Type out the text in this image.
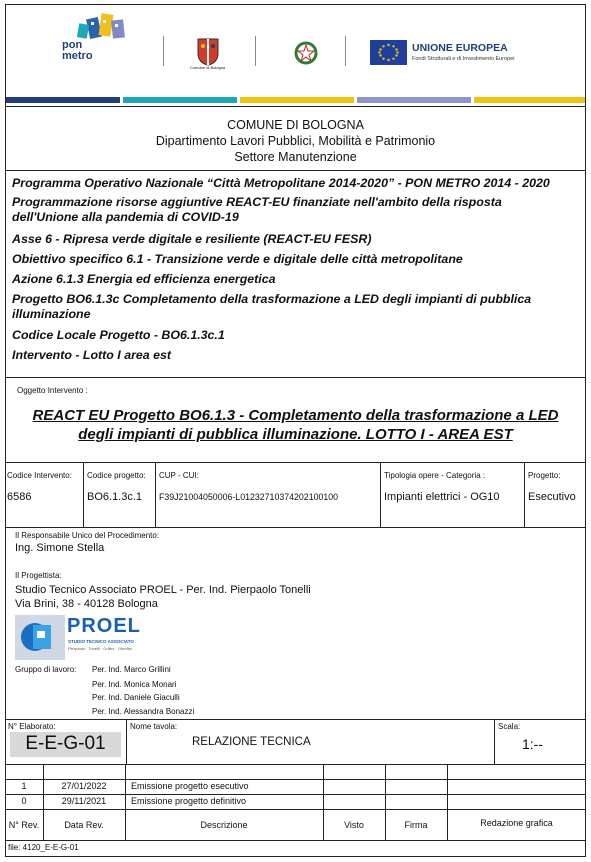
pon
metro
Comune di Bologna
UNIONE EUROPEA
Fondi Strutturali e di Investimento Europei
COMUNE DI BOLOGNA
Dipartimento Lavori Pubblici, Mobilità e Patrimonio
Settore Manutenzione
Programma Operativo Nazionale “Città Metropolitane 2014-2020” - PON METRO 2014 - 2020
Programmazione risorse aggiuntive REACT-EU finanziate nell'ambito della risposta dell'Unione alla pandemia di COVID-19
Asse 6 - Ripresa verde digitale e resiliente (REACT-EU FESR)
Obiettivo specifico 6.1 - Transizione verde e digitale delle città metropolitane
Azione 6.1.3 Energia ed efficienza energetica
Progetto BO6.1.3c Completamento della trasformazione a LED degli impianti di pubblica illuminazione
Codice Locale Progetto - BO6.1.3c.1
Intervento - Lotto I area est
Oggetto Intervento :
REACT EU Progetto BO6.1.3 - Completamento della trasformazione a LED
degli impianti di pubblica illuminazione. LOTTO I - AREA EST
Codice Intervento:
6586
Codice progetto:
BO6.1.3c.1
CUP - CUI:
F39J21004050006-L01232710374202100100
Tipologia opere - Categoria :
Impianti elettrici - OG10
Progetto:
Esecutivo
Il Responsabile Unico del Procedimento:
Ing. Simone Stella
Il Progettista:
Studio Tecnico Associato PROEL - Per. Ind. Pierpaolo Tonelli
Via Brini, 38 - 40128 Bologna
PROEL
STUDIO TECNICO ASSOCIATO
Pierpaolo · Tonelli · Grillini · Ghedini
Gruppo di lavoro: Per. Ind. Marco Grillini
Per. Ind. Monica Monari
Per. Ind. Daniele Giaculli
Per. Ind. Alessandra Bonazzi
N° Elaborato:
E-E-G-01
Nome tavola:
RELAZIONE TECNICA
Scala:
1:--
1	27/01/2022	Emissione progetto esecutivo
0	29/11/2021	Emissione progetto definitivo
N° Rev.	Data Rev.	Descrizione	Visto	Firma	Redazione grafica
file: 4120_E-E-G-01
